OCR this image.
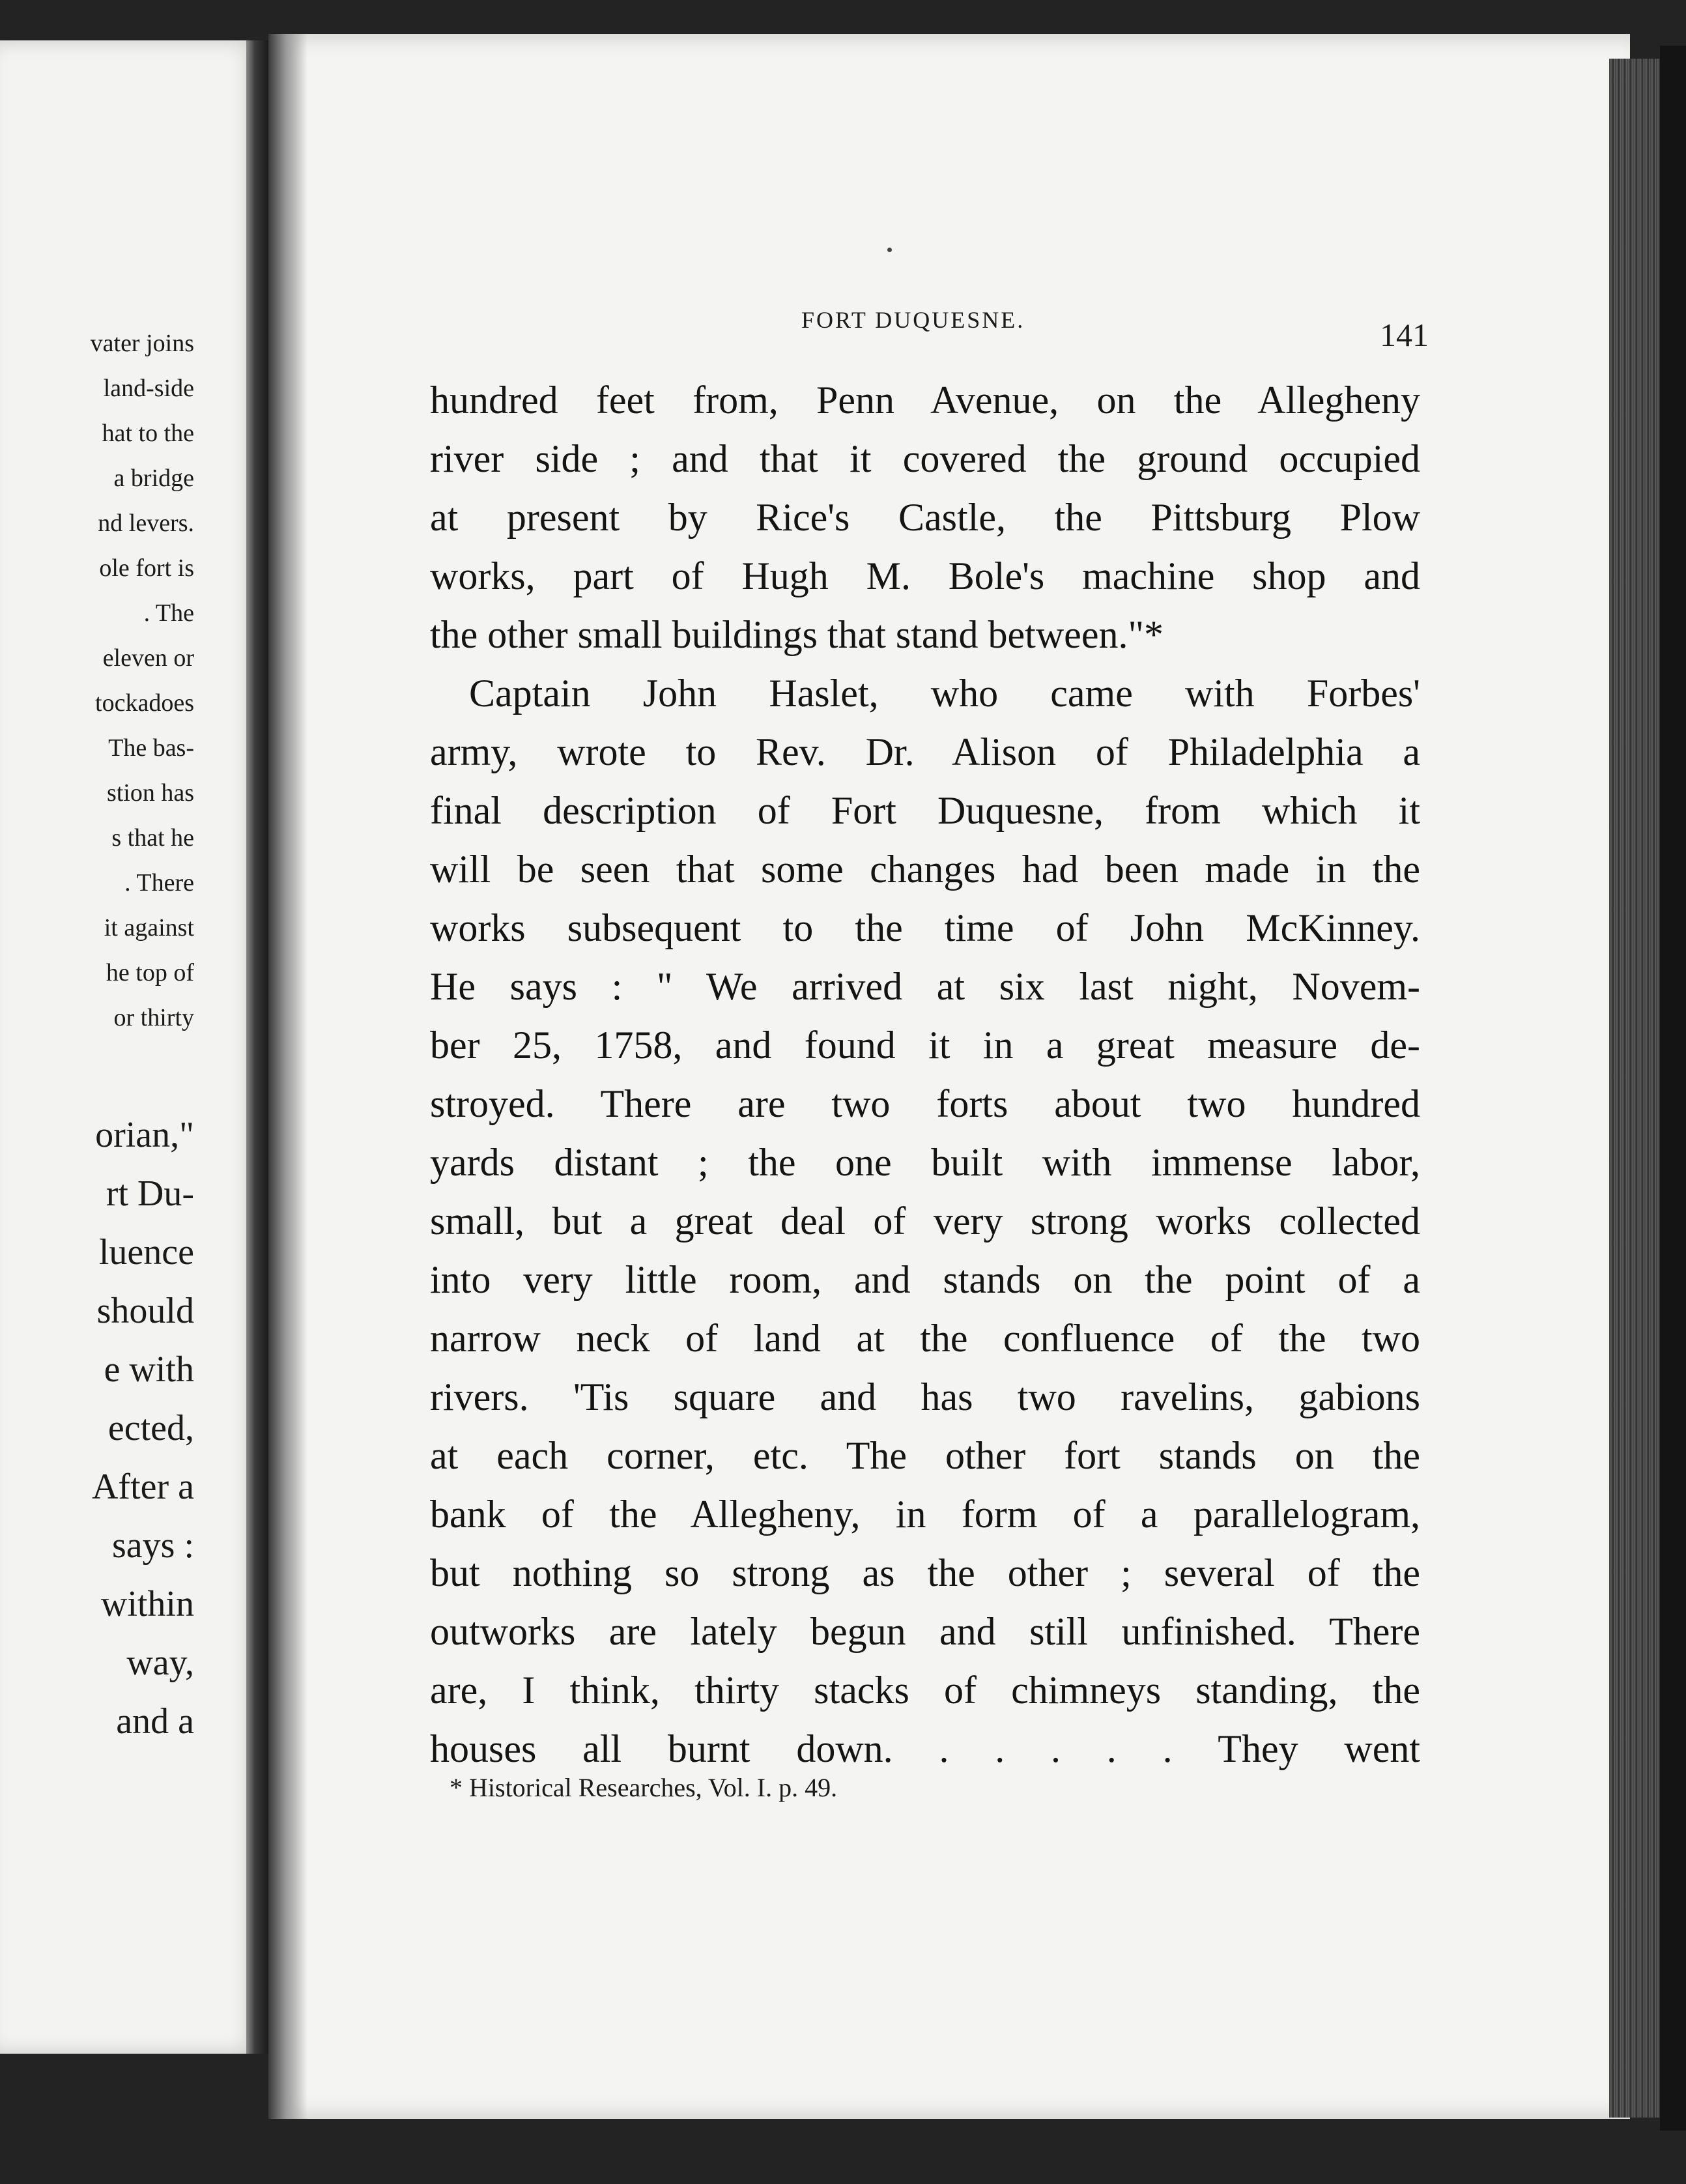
vater joins
land-side
hat to the
a bridge
nd levers.
ole fort is
. The
eleven or
tockadoes
The bas-
stion has
s that he
. There
it against
he top of
or thirty
orian,"
rt Du-
luence
should
e with
ected,
After a
says :
within
way,
and a
FORT DUQUESNE.	141
hundred feet from, Penn Avenue, on the Allegheny
river side ; and that it covered the ground occupied
at present by Rice's Castle, the Pittsburg Plow
works, part of Hugh M. Bole's machine shop and
the other small buildings that stand between."*
Captain John Haslet, who came with Forbes'
army, wrote to Rev. Dr. Alison of Philadelphia a
final description of Fort Duquesne, from which it
will be seen that some changes had been made in the
works subsequent to the time of John McKinney.
He says : " We arrived at six last night, Novem-
ber 25, 1758, and found it in a great measure de-
stroyed. There are two forts about two hundred
yards distant ; the one built with immense labor,
small, but a great deal of very strong works collected
into very little room, and stands on the point of a
narrow neck of land at the confluence of the two
rivers. 'Tis square and has two ravelins, gabions
at each corner, etc. The other fort stands on the
bank of the Allegheny, in form of a parallelogram,
but nothing so strong as the other ; several of the
outworks are lately begun and still unfinished. There
are, I think, thirty stacks of chimneys standing, the
houses all burnt down. . . . . . They went
* Historical Researches, Vol. I. p. 49.
